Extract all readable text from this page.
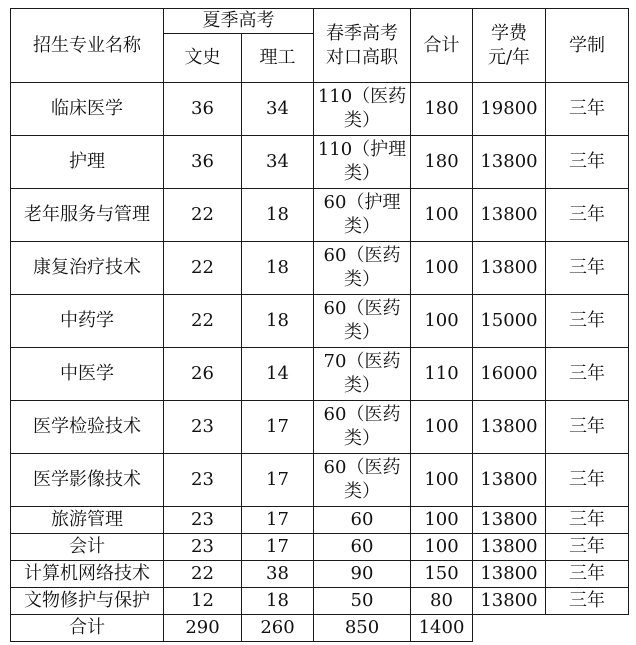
招生专业名称	夏季高考		春季高考对口高职	合计	学费元/年	学制
	文史	理工				
临床医学	36	34	110（医药类）	180	19800	三年
护理	36	34	110（护理类）	180	13800	三年
老年服务与管理	22	18	60（护理类）	100	13800	三年
康复治疗技术	22	18	60（医药类）	100	13800	三年
中药学	22	18	60（医药类）	100	15000	三年
中医学	26	14	70（医药类）	110	16000	三年
医学检验技术	23	17	60（医药类）	100	13800	三年
医学影像技术	23	17	60（医药类）	100	13800	三年
旅游管理	23	17	60	100	13800	三年
会计	23	17	60	100	13800	三年
计算机网络技术	22	38	90	150	13800	三年
文物修护与保护	12	18	50	80	13800	三年
合计	290	260	850	1400		
